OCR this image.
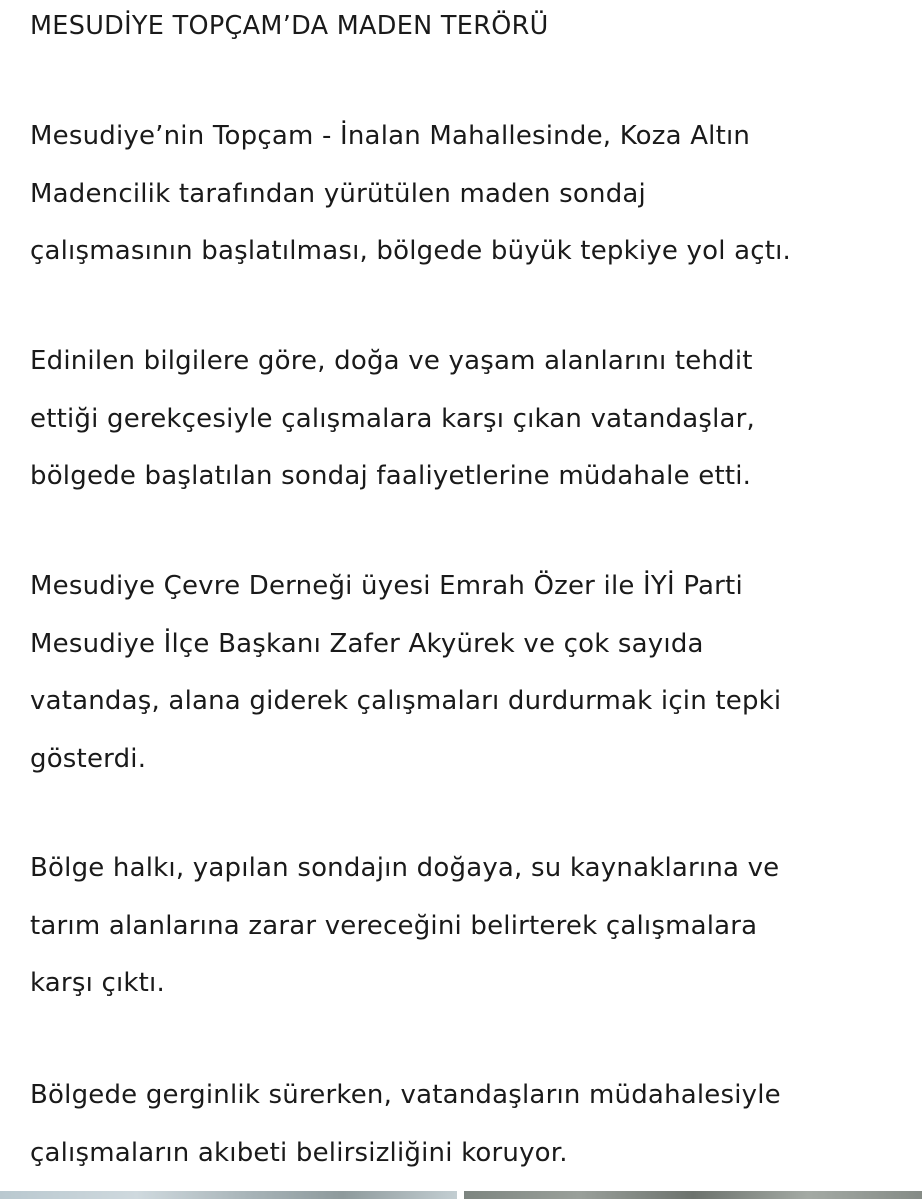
MESUDİYE TOPÇAM’DA MADEN TERÖRÜ

Mesudiye’nin Topçam - İnalan Mahallesinde, Koza Altın
Madencilik tarafından yürütülen maden sondaj
çalışmasının başlatılması, bölgede büyük tepkiye yol açtı.

Edinilen bilgilere göre, doğa ve yaşam alanlarını tehdit
ettiği gerekçesiyle çalışmalara karşı çıkan vatandaşlar,
bölgede başlatılan sondaj faaliyetlerine müdahale etti.

Mesudiye Çevre Derneği üyesi Emrah Özer ile İYİ Parti
Mesudiye İlçe Başkanı Zafer Akyürek ve çok sayıda
vatandaş, alana giderek çalışmaları durdurmak için tepki
gösterdi.

Bölge halkı, yapılan sondajın doğaya, su kaynaklarına ve
tarım alanlarına zarar vereceğini belirterek çalışmalara
karşı çıktı.

Bölgede gerginlik sürerken, vatandaşların müdahalesiyle
çalışmaların akıbeti belirsizliğini koruyor.
